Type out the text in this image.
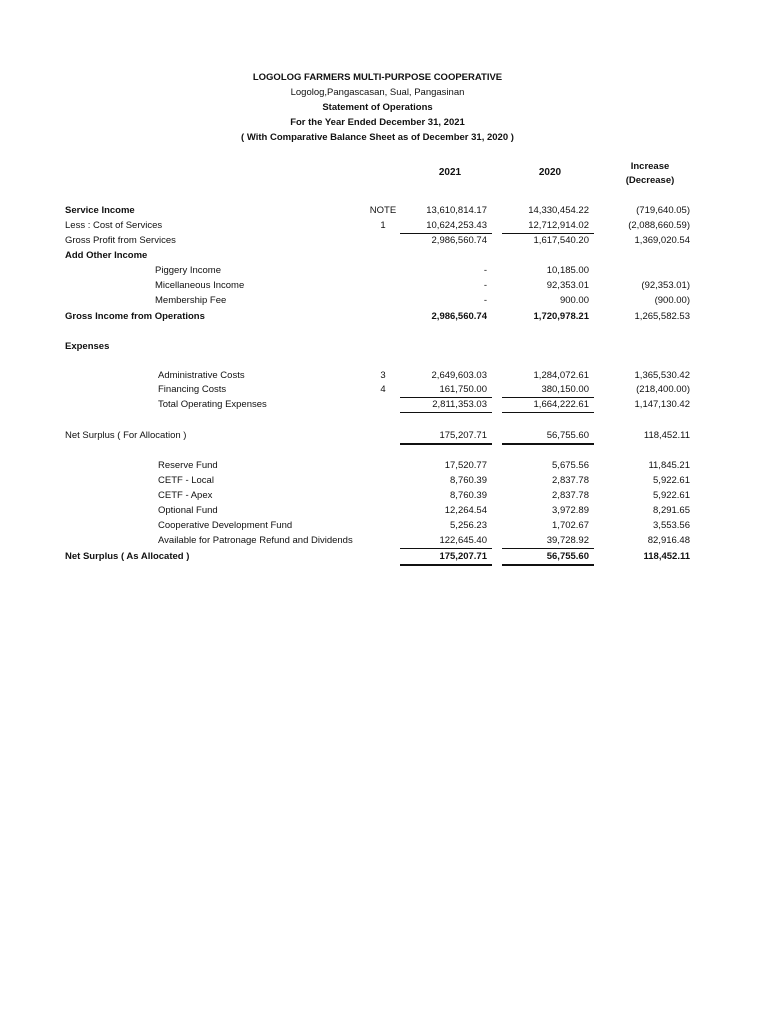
LOGOLOG FARMERS MULTI-PURPOSE COOPERATIVE
Logolog,Pangascasan, Sual, Pangasinan
Statement of Operations
For the Year Ended December 31, 2021
( With Comparative Balance Sheet as of December 31, 2020 )
2021	2020
Increase
(Decrease)
Service Income	NOTE	13,610,814.17	14,330,454.22	(719,640.05)
Less : Cost of Services	1	10,624,253.43	12,712,914.02	(2,088,660.59)
Gross Profit from Services	2,986,560.74	1,617,540.20	1,369,020.54
Add Other Income
Piggery Income	-	10,185.00
Micellaneous Income	-	92,353.01	(92,353.01)
Membership Fee	-	900.00	(900.00)
Gross Income from Operations	2,986,560.74	1,720,978.21	1,265,582.53
Expenses
Administrative Costs	3	2,649,603.03	1,284,072.61	1,365,530.42
Financing Costs	4	161,750.00	380,150.00	(218,400.00)
Total Operating Expenses	2,811,353.03	1,664,222.61	1,147,130.42
Net Surplus ( For Allocation )	175,207.71	56,755.60	118,452.11
Reserve Fund	17,520.77	5,675.56	11,845.21
CETF - Local	8,760.39	2,837.78	5,922.61
CETF - Apex	8,760.39	2,837.78	5,922.61
Optional Fund	12,264.54	3,972.89	8,291.65
Cooperative Development Fund	5,256.23	1,702.67	3,553.56
Available for Patronage Refund and Dividends	122,645.40	39,728.92	82,916.48
Net Surplus ( As Allocated )	175,207.71	56,755.60	118,452.11
